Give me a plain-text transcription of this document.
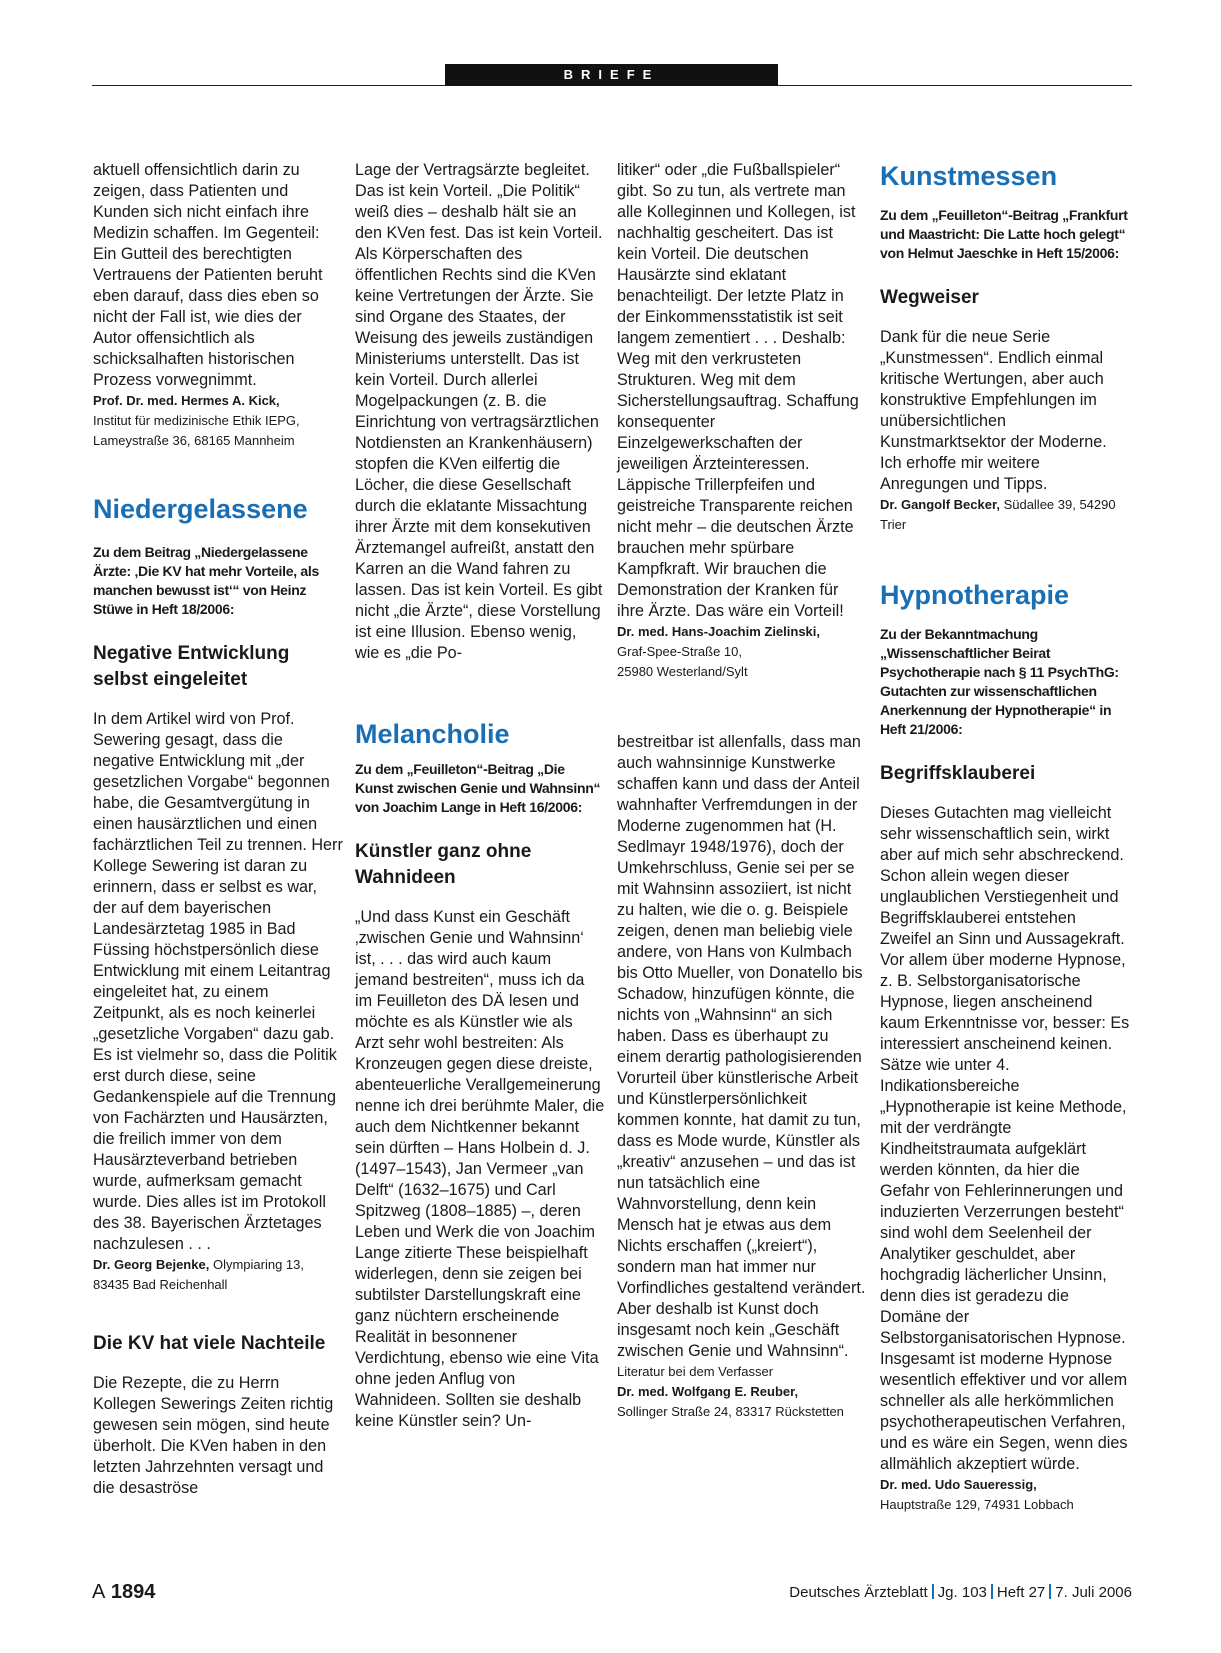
BRIEFE

aktuell offensichtlich darin zu zeigen, dass Patienten und Kunden sich nicht einfach ihre Medizin schaffen. Im Gegenteil: Ein Gutteil des berechtigten Vertrauens der Patienten beruht eben darauf, dass dies eben so nicht der Fall ist, wie dies der Autor offensichtlich als schicksalhaften historischen Prozess vorwegnimmt.

Prof. Dr. med. Hermes A. Kick,
Institut für medizinische Ethik IEPG,
Lameystraße 36, 68165 Mannheim

Niedergelassene

Zu dem Beitrag „Niedergelassene Ärzte: ‚Die KV hat mehr Vorteile, als manchen bewusst ist‘“ von Heinz Stüwe in Heft 18/2006:

Negative Entwicklung selbst eingeleitet

In dem Artikel wird von Prof. Sewering gesagt, dass die negative Entwicklung mit „der gesetzlichen Vorgabe“ begonnen habe, die Gesamtvergütung in einen hausärztlichen und einen fachärztlichen Teil zu trennen. Herr Kollege Sewering ist daran zu erinnern, dass er selbst es war, der auf dem bayerischen Landesärztetag 1985 in Bad Füssing höchstpersönlich diese Entwicklung mit einem Leitantrag eingeleitet hat, zu einem Zeitpunkt, als es noch keinerlei „gesetzliche Vorgaben“ dazu gab. Es ist vielmehr so, dass die Politik erst durch diese, seine Gedankenspiele auf die Trennung von Fachärzten und Hausärzten, die freilich immer von dem Hausärzteverband betrieben wurde, aufmerksam gemacht wurde. Dies alles ist im Protokoll des 38. Bayerischen Ärztetages nachzulesen . . .

Dr. Georg Bejenke, Olympiaring 13, 83435 Bad Reichenhall

Die KV hat viele Nachteile

Die Rezepte, die zu Herrn Kollegen Sewerings Zeiten richtig gewesen sein mögen, sind heute überholt. Die KVen haben in den letzten Jahrzehnten versagt und die desaströse

Lage der Vertragsärzte begleitet. Das ist kein Vorteil. „Die Politik“ weiß dies – deshalb hält sie an den KVen fest. Das ist kein Vorteil. Als Körperschaften des öffentlichen Rechts sind die KVen keine Vertretungen der Ärzte. Sie sind Organe des Staates, der Weisung des jeweils zuständigen Ministeriums unterstellt. Das ist kein Vorteil. Durch allerlei Mogelpackungen (z. B. die Einrichtung von vertragsärztlichen Notdiensten an Krankenhäusern) stopfen die KVen eilfertig die Löcher, die diese Gesellschaft durch die eklatante Missachtung ihrer Ärzte mit dem konsekutiven Ärztemangel aufreißt, anstatt den Karren an die Wand fahren zu lassen. Das ist kein Vorteil. Es gibt nicht „die Ärzte“, diese Vorstellung ist eine Illusion. Ebenso wenig, wie es „die Po-

Melancholie

Zu dem „Feuilleton“-Beitrag „Die Kunst zwischen Genie und Wahnsinn“ von Joachim Lange in Heft 16/2006:

Künstler ganz ohne Wahnideen

„Und dass Kunst ein Geschäft ‚zwischen Genie und Wahnsinn‘ ist, . . . das wird auch kaum jemand bestreiten“, muss ich da im Feuilleton des DÄ lesen und möchte es als Künstler wie als Arzt sehr wohl bestreiten: Als Kronzeugen gegen diese dreiste, abenteuerliche Verallgemeinerung nenne ich drei berühmte Maler, die auch dem Nichtkenner bekannt sein dürften – Hans Holbein d. J. (1497–1543), Jan Vermeer „van Delft“ (1632–1675) und Carl Spitzweg (1808–1885) –, deren Leben und Werk die von Joachim Lange zitierte These beispielhaft widerlegen, denn sie zeigen bei subtilster Darstellungskraft eine ganz nüchtern erscheinende Realität in besonnener Verdichtung, ebenso wie eine Vita ohne jeden Anflug von Wahnideen. Sollten sie deshalb keine Künstler sein? Un-

litiker“ oder „die Fußballspieler“ gibt. So zu tun, als vertrete man alle Kolleginnen und Kollegen, ist nachhaltig gescheitert. Das ist kein Vorteil. Die deutschen Hausärzte sind eklatant benachteiligt. Der letzte Platz in der Einkommensstatistik ist seit langem zementiert . . . Deshalb: Weg mit den verkrusteten Strukturen. Weg mit dem Sicherstellungsauftrag. Schaffung konsequenter Einzelgewerkschaften der jeweiligen Ärzteinteressen. Läppische Trillerpfeifen und geistreiche Transparente reichen nicht mehr – die deutschen Ärzte brauchen mehr spürbare Kampfkraft. Wir brauchen die Demonstration der Kranken für ihre Ärzte. Das wäre ein Vorteil!

Dr. med. Hans-Joachim Zielinski,
Graf-Spee-Straße 10,
25980 Westerland/Sylt

bestreitbar ist allenfalls, dass man auch wahnsinnige Kunstwerke schaffen kann und dass der Anteil wahnhafter Verfremdungen in der Moderne zugenommen hat (H. Sedlmayr 1948/1976), doch der Umkehrschluss, Genie sei per se mit Wahnsinn assoziiert, ist nicht zu halten, wie die o. g. Beispiele zeigen, denen man beliebig viele andere, von Hans von Kulmbach bis Otto Mueller, von Donatello bis Schadow, hinzufügen könnte, die nichts von „Wahnsinn“ an sich haben. Dass es überhaupt zu einem derartig pathologisierenden Vorurteil über künstlerische Arbeit und Künstlerpersönlichkeit kommen konnte, hat damit zu tun, dass es Mode wurde, Künstler als „kreativ“ anzusehen – und das ist nun tatsächlich eine Wahnvorstellung, denn kein Mensch hat je etwas aus dem Nichts erschaffen („kreiert“), sondern man hat immer nur Vorfindliches gestaltend verändert. Aber deshalb ist Kunst doch insgesamt noch kein „Geschäft zwischen Genie und Wahnsinn“.

Literatur bei dem Verfasser

Dr. med. Wolfgang E. Reuber,
Sollinger Straße 24, 83317 Rückstetten

Kunstmessen

Zu dem „Feuilleton“-Beitrag „Frankfurt und Maastricht: Die Latte hoch gelegt“ von Helmut Jaeschke in Heft 15/2006:

Wegweiser

Dank für die neue Serie „Kunstmessen“. Endlich einmal kritische Wertungen, aber auch konstruktive Empfehlungen im unübersichtlichen Kunstmarktsektor der Moderne. Ich erhoffe mir weitere Anregungen und Tipps.

Dr. Gangolf Becker, Südallee 39, 54290 Trier

Hypnotherapie

Zu der Bekanntmachung „Wissenschaftlicher Beirat Psychotherapie nach § 11 PsychThG: Gutachten zur wissenschaftlichen Anerkennung der Hypnotherapie“ in Heft 21/2006:

Begriffsklauberei

Dieses Gutachten mag vielleicht sehr wissenschaftlich sein, wirkt aber auf mich sehr abschreckend. Schon allein wegen dieser unglaublichen Verstiegenheit und Begriffsklauberei entstehen Zweifel an Sinn und Aussagekraft. Vor allem über moderne Hypnose, z. B. Selbstorganisatorische Hypnose, liegen anscheinend kaum Erkenntnisse vor, besser: Es interessiert anscheinend keinen. Sätze wie unter 4. Indikationsbereiche „Hypnotherapie ist keine Methode, mit der verdrängte Kindheitstraumata aufgeklärt werden könnten, da hier die Gefahr von Fehlerinnerungen und induzierten Verzerrungen besteht“ sind wohl dem Seelenheil der Analytiker geschuldet, aber hochgradig lächerlicher Unsinn, denn dies ist geradezu die Domäne der Selbstorganisatorischen Hypnose. Insgesamt ist moderne Hypnose wesentlich effektiver und vor allem schneller als alle herkömmlichen psychotherapeutischen Verfahren, und es wäre ein Segen, wenn dies allmählich akzeptiert würde.

Dr. med. Udo Saueressig,
Hauptstraße 129, 74931 Lobbach

A 1894	Deutsches Ärzteblatt Jg. 103 Heft 27 7. Juli 2006
